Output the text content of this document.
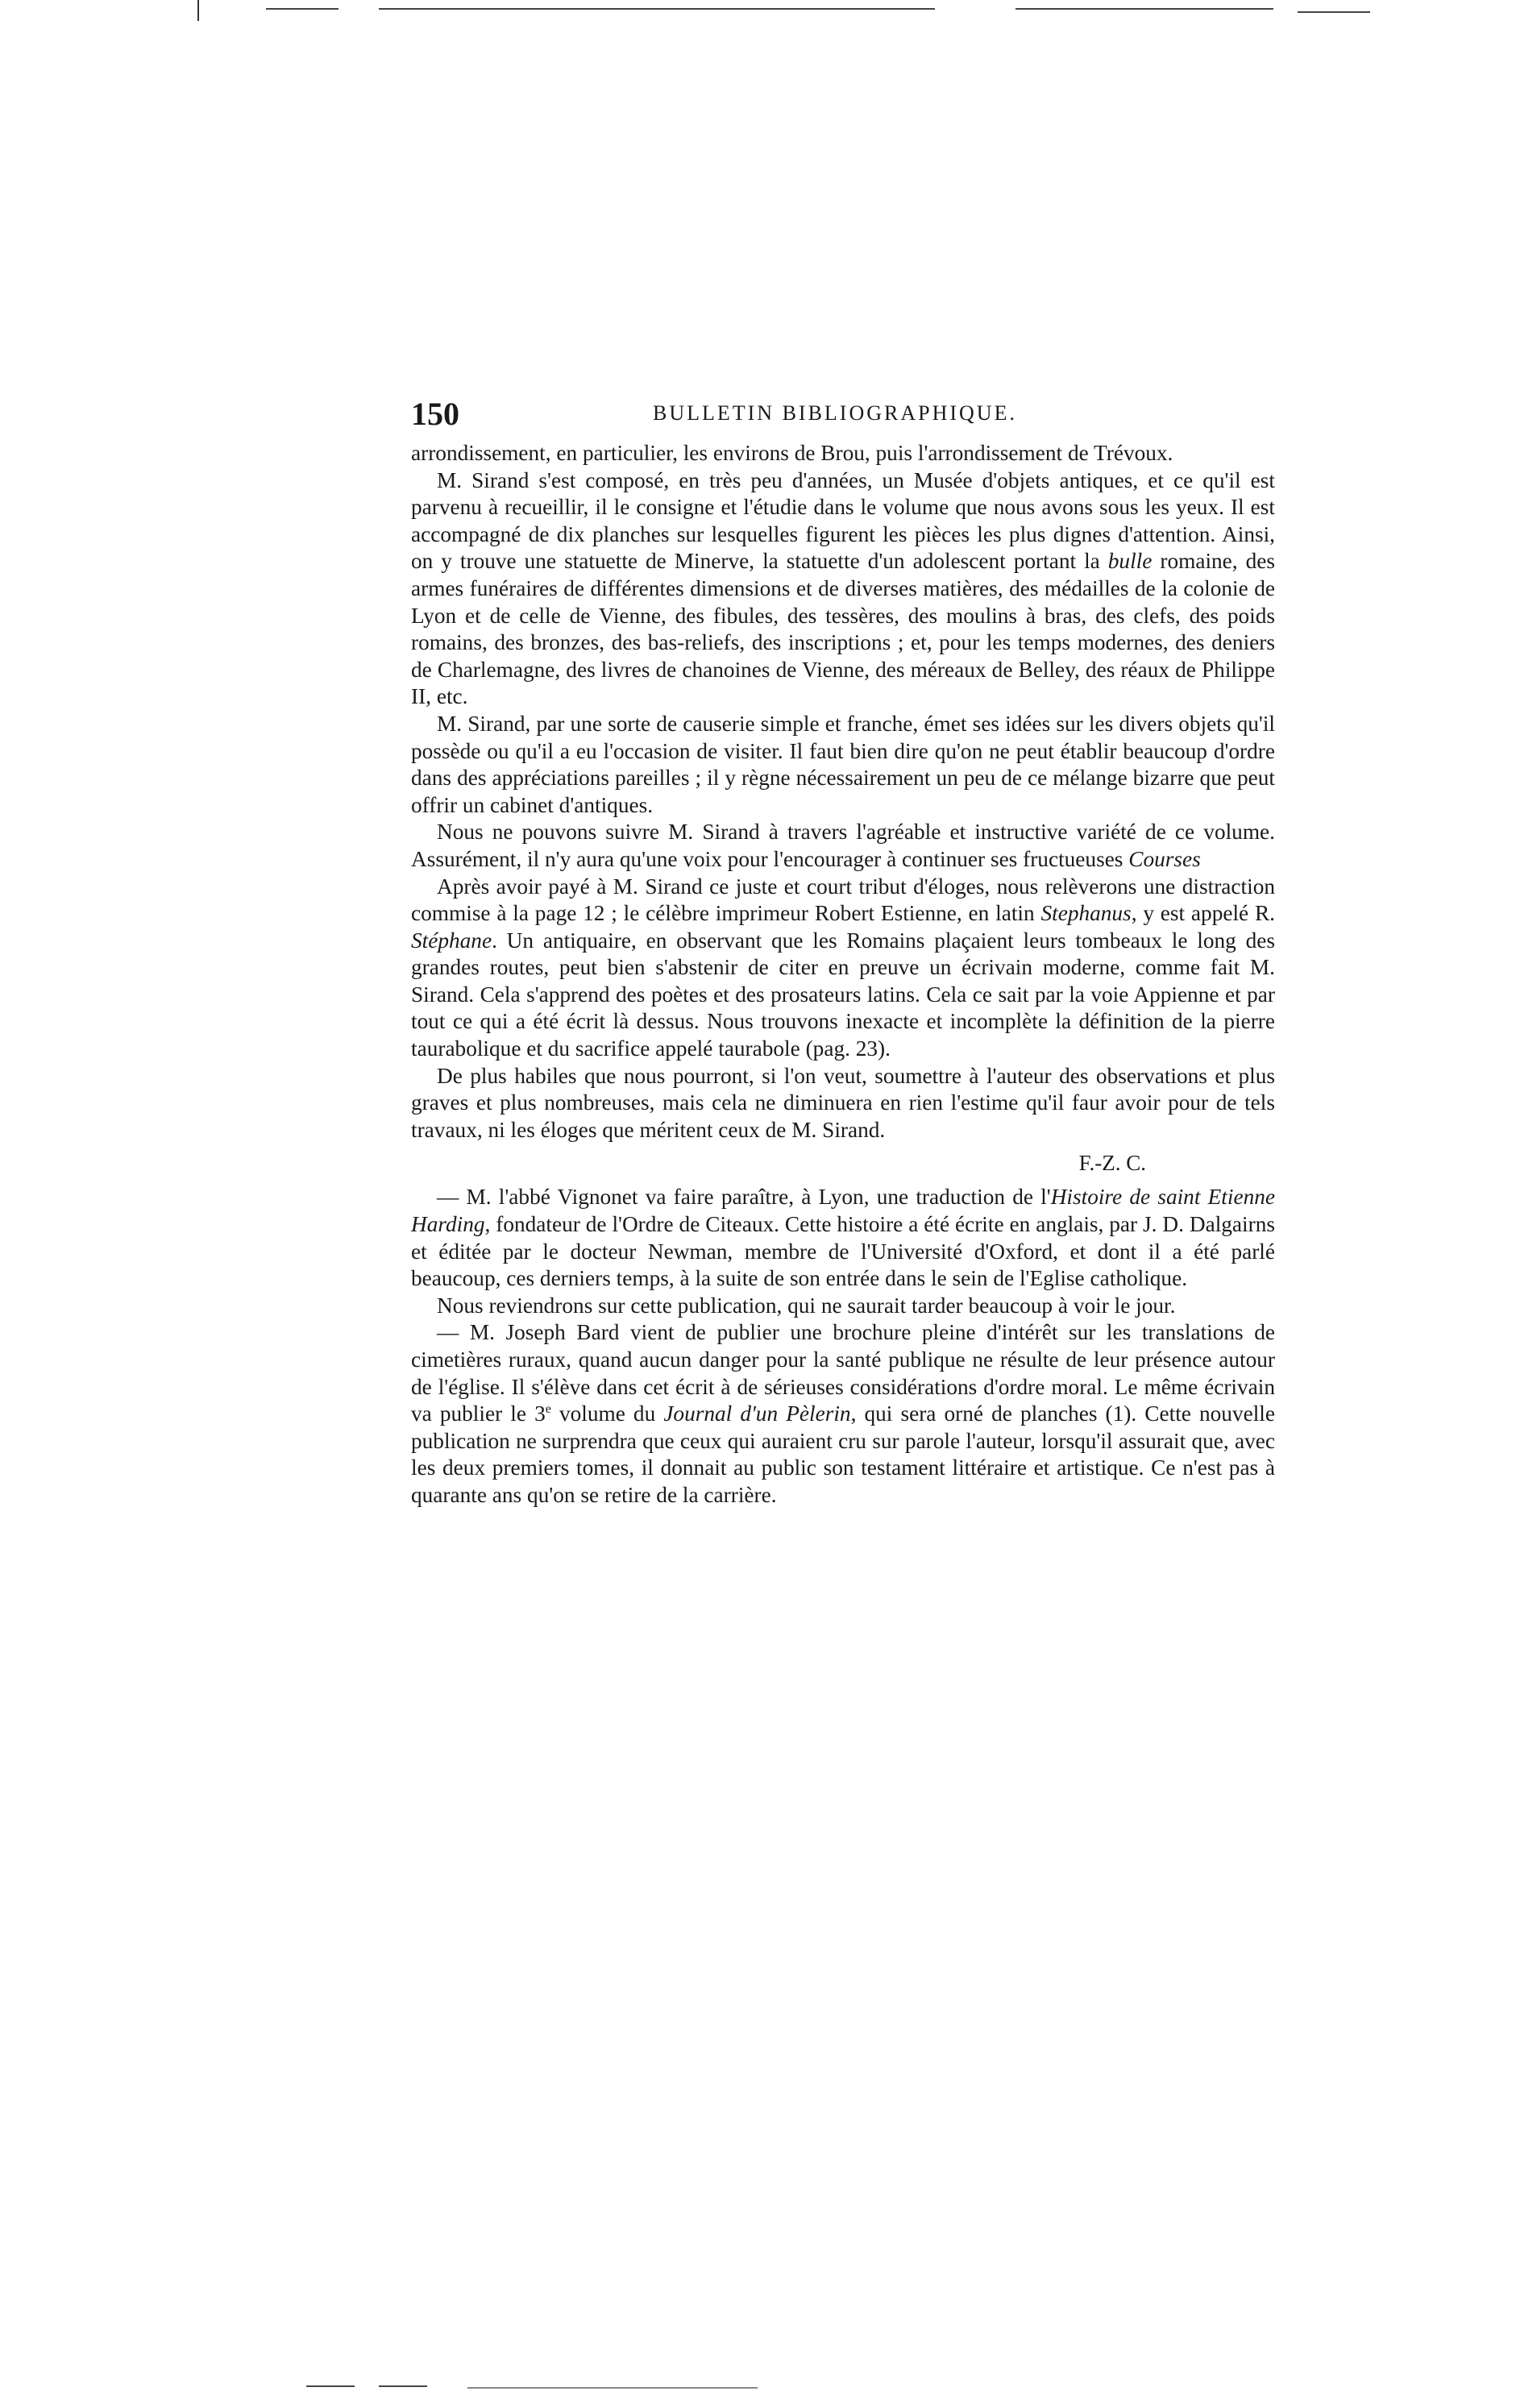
150	BULLETIN BIBLIOGRAPHIQUE.

arrondissement, en particulier, les environs de Brou, puis l'arrondissement de Trévoux.

M. Sirand s'est composé, en très peu d'années, un Musée d'objets antiques, et ce qu'il est parvenu à recueillir, il le consigne et l'étudie dans le volume que nous avons sous les yeux. Il est accompagné de dix planches sur lesquelles figurent les pièces les plus dignes d'attention. Ainsi, on y trouve une statuette de Minerve, la statuette d'un adolescent portant la bulle romaine, des armes funéraires de différentes dimensions et de diverses matières, des médailles de la colonie de Lyon et de celle de Vienne, des fibules, des tessères, des moulins à bras, des clefs, des poids romains, des bronzes, des bas-reliefs, des inscriptions ; et, pour les temps modernes, des deniers de Charlemagne, des livres de chanoines de Vienne, des méreaux de Belley, des réaux de Philippe II, etc.

M. Sirand, par une sorte de causerie simple et franche, émet ses idées sur les divers objets qu'il possède ou qu'il a eu l'occasion de visiter. Il faut bien dire qu'on ne peut établir beaucoup d'ordre dans des appréciations pareilles ; il y règne nécessairement un peu de ce mélange bizarre que peut offrir un cabinet d'antiques.

Nous ne pouvons suivre M. Sirand à travers l'agréable et instructive variété de ce volume. Assurément, il n'y aura qu'une voix pour l'encourager à continuer ses fructueuses Courses

Après avoir payé à M. Sirand ce juste et court tribut d'éloges, nous relèverons une distraction commise à la page 12 ; le célèbre imprimeur Robert Estienne, en latin Stephanus, y est appelé R. Stéphane. Un antiquaire, en observant que les Romains plaçaient leurs tombeaux le long des grandes routes, peut bien s'abstenir de citer en preuve un écrivain moderne, comme fait M. Sirand. Cela s'apprend des poètes et des prosateurs latins. Cela ce sait par la voie Appienne et par tout ce qui a été écrit là dessus. Nous trouvons inexacte et incomplète la définition de la pierre taurabolique et du sacrifice appelé taurabole (pag. 23).

De plus habiles que nous pourront, si l'on veut, soumettre à l'auteur des observations et plus graves et plus nombreuses, mais cela ne diminuera en rien l'estime qu'il faur avoir pour de tels travaux, ni les éloges que méritent ceux de M. Sirand.

F.-Z. C.

— M. l'abbé Vignonet va faire paraître, à Lyon, une traduction de l'Histoire de saint Etienne Harding, fondateur de l'Ordre de Citeaux. Cette histoire a été écrite en anglais, par J. D. Dalgairns et éditée par le docteur Newman, membre de l'Université d'Oxford, et dont il a été parlé beaucoup, ces derniers temps, à la suite de son entrée dans le sein de l'Eglise catholique.

Nous reviendrons sur cette publication, qui ne saurait tarder beaucoup à voir le jour.

— M. Joseph Bard vient de publier une brochure pleine d'intérêt sur les translations de cimetières ruraux, quand aucun danger pour la santé publique ne résulte de leur présence autour de l'église. Il s'élève dans cet écrit à de sérieuses considérations d'ordre moral. Le même écrivain va publier le 3e volume du Journal d'un Pèlerin, qui sera orné de planches (1). Cette nouvelle publication ne surprendra que ceux qui auraient cru sur parole l'auteur, lorsqu'il assurait que, avec les deux premiers tomes, il donnait au public son testament littéraire et artistique. Ce n'est pas à quarante ans qu'on se retire de la carrière.
